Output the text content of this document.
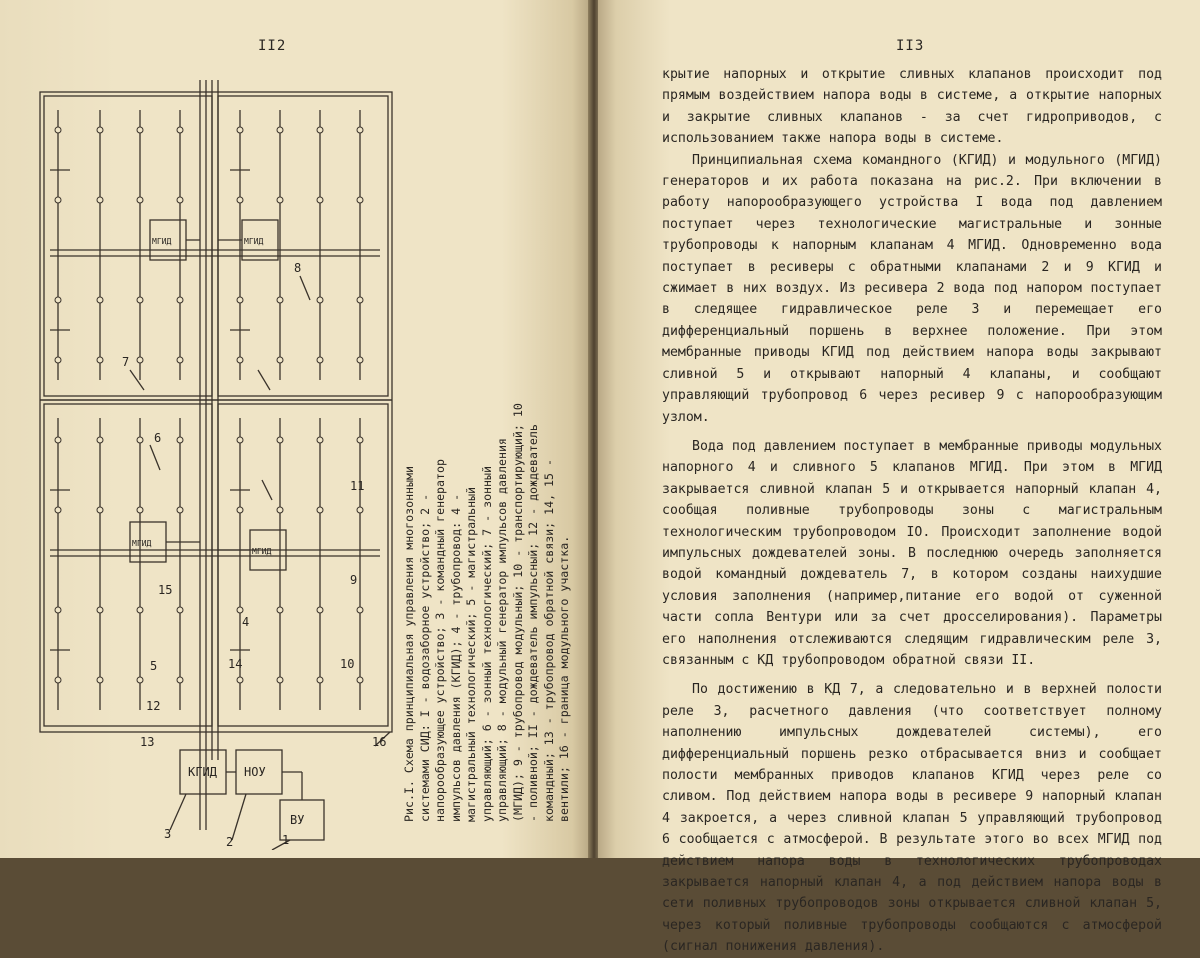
II2
КГИД НОУ
ВУ
МГИД	МГИД
МГИД
МГИД
1
2
3
4
5
6
7
8
9
10
11
12
13
14
15
16 Рис.I. Схема принципиальная управления многозонными системами СИД: I - водозаборное устройство; 2 - напорообразующее устройство; 3 - командный генератор импульсов давления (КГИД); 4 - трубопровод: 4 - магистральный технологический; 5 - магистральный управляющий; 6 - зонный технологический; 7 - зонный управляющий; 8 - модульный генератор импульсов давления (МГИД); 9 - трубопровод модульный; 10 - транспортирующий; 10 - поливной; II - дождеватель импульсный; 12 - дождеватель командный; 13 - трубопровод обратной связи; 14, 15 - вентили; 16 - граница модульного участка.

II3

крытие напорных и открытие сливных клапанов происходит под прямым воздействием напора воды в системе, а открытие напорных и закрытие сливных клапанов - за счет гидроприводов, с использованием также напора воды в системе.

Принципиальная схема командного (КГИД) и модульного (МГИД) генераторов и их работа показана на рис.2. При включении в работу напорообразующего устройства I вода под давлением поступает через технологические магистральные и зонные трубопроводы к напорным клапанам 4 МГИД. Одновременно вода поступает в ресиверы с обратными клапанами 2 и 9 КГИД и сжимает в них воздух. Из ресивера 2 вода под напором поступает в следящее гидравлическое реле 3 и перемещает его дифференциальный поршень в верхнее положение. При этом мембранные приводы КГИД под действием напора воды закрывают сливной 5 и открывают напорный 4 клапаны, и сообщают управляющий трубопровод 6 через ресивер 9 с напорообразующим узлом.

Вода под давлением поступает в мембранные приводы модульных напорного 4 и сливного 5 клапанов МГИД. При этом в МГИД закрывается сливной клапан 5 и открывается напорный клапан 4, сообщая поливные трубопроводы зоны с магистральным технологическим трубопроводом IO. Происходит заполнение водой импульсных дождевателей зоны. В последнюю очередь заполняется водой командный дождеватель 7, в котором созданы наихудшие условия заполнения (например,питание его водой от суженной части сопла Вентури или за счет дросселирования). Параметры его наполнения отслеживаются следящим гидравлическим реле 3, связанным с КД трубопроводом обратной связи II.

По достижению в КД 7, а следовательно и в верхней полости реле 3, расчетного давления (что соответствует полному наполнению импульсных дождевателей системы), его дифференциальный поршень резко отбрасывается вниз и сообщает полости мембранных приводов клапанов КГИД через реле со сливом. Под действием напора воды в ресивере 9 напорный клапан 4 закроется, а через сливной клапан 5 управляющий трубопровод 6 сообщается с атмосферой. В результате этого во всех МГИД под действием напора воды в технологических трубопроводах закрывается напорный клапан 4, а под действием напора воды в сети поливных трубопроводов зоны открывается сливной клапан 5, через который поливные трубопроводы сообщаются с атмосферой (сигнал понижения давления).
